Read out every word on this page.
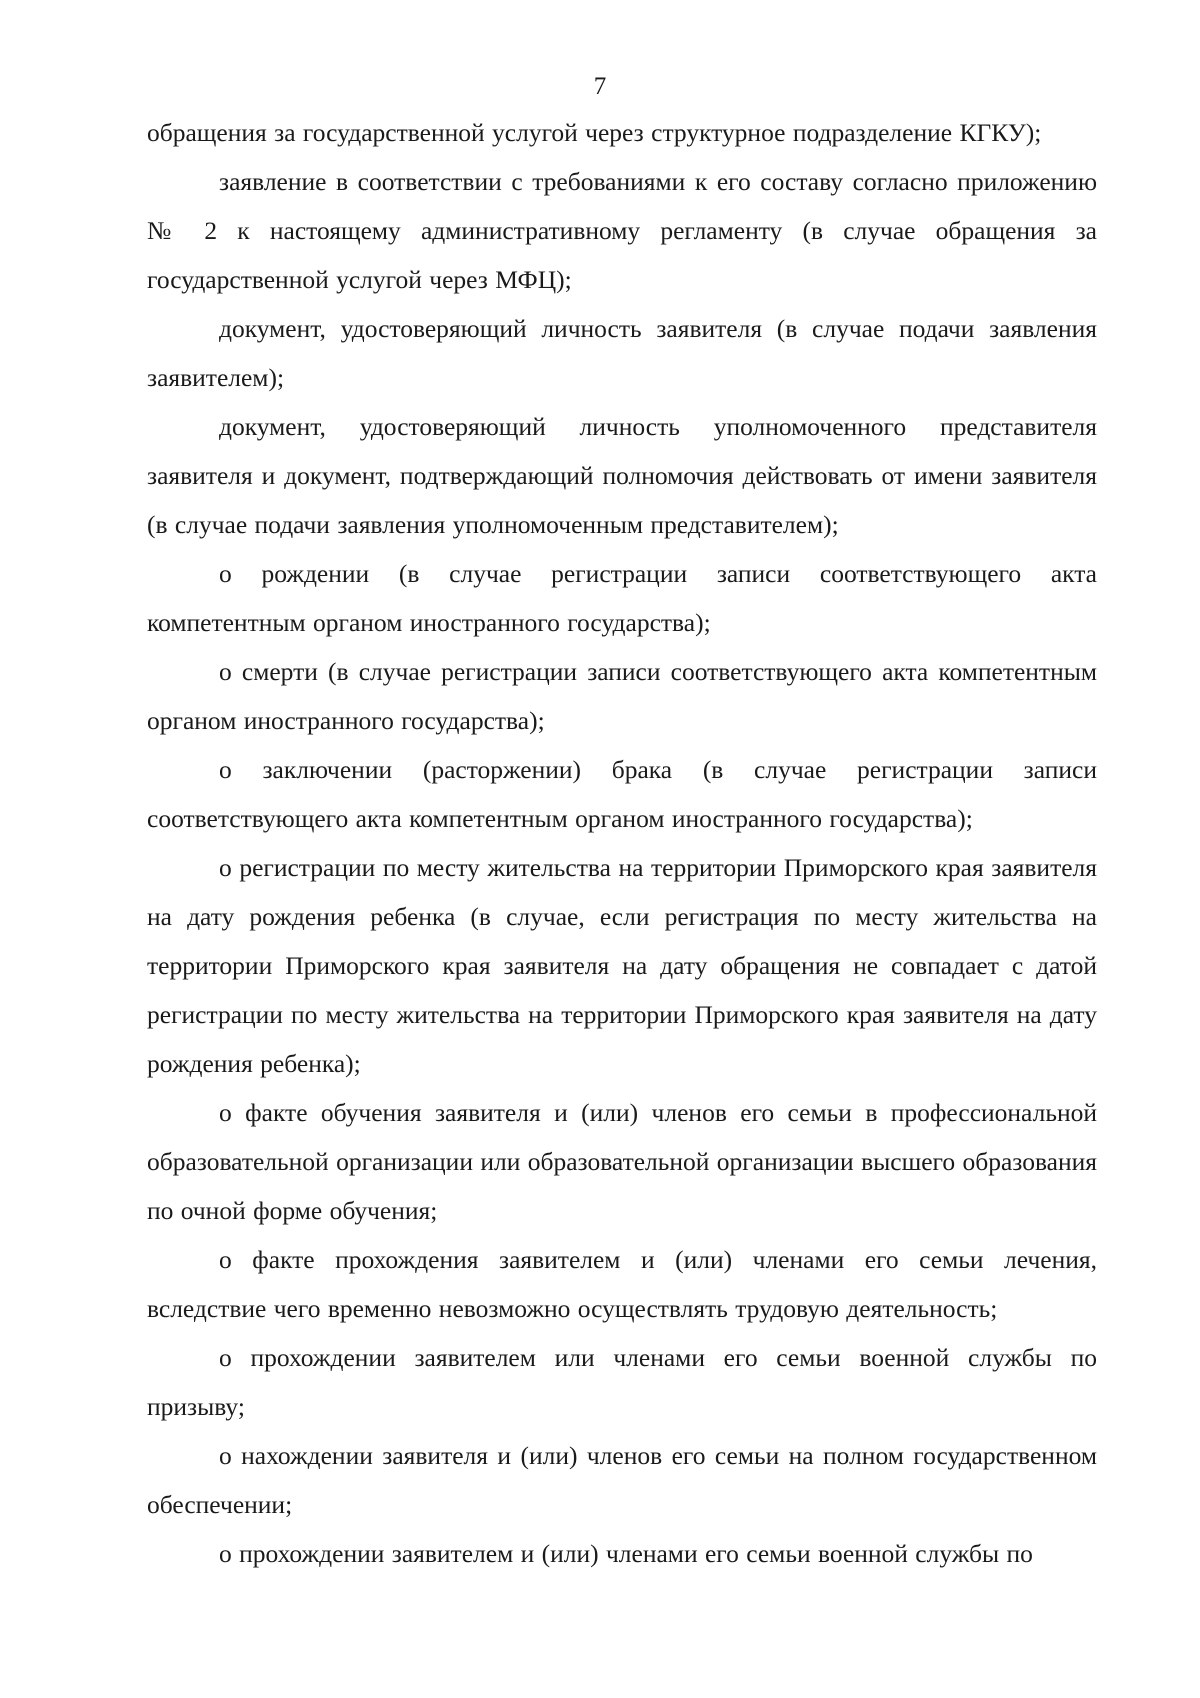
7

обращения за государственной услугой через структурное подразделение КГКУ);

заявление в соответствии с требованиями к его составу согласно приложению № 2 к настоящему административному регламенту (в случае обращения за государственной услугой через МФЦ);

документ, удостоверяющий личность заявителя (в случае подачи заявления заявителем);

документ, удостоверяющий личность уполномоченного представителя заявителя и документ, подтверждающий полномочия действовать от имени заявителя (в случае подачи заявления уполномоченным представителем);

о рождении (в случае регистрации записи соответствующего акта компетентным органом иностранного государства);

о смерти (в случае регистрации записи соответствующего акта компетентным органом иностранного государства);

о заключении (расторжении) брака (в случае регистрации записи соответствующего акта компетентным органом иностранного государства);

о регистрации по месту жительства на территории Приморского края заявителя на дату рождения ребенка (в случае, если регистрация по месту жительства на территории Приморского края заявителя на дату обращения не совпадает с датой регистрации по месту жительства на территории Приморского края заявителя на дату рождения ребенка);

о факте обучения заявителя и (или) членов его семьи в профессиональной образовательной организации или образовательной организации высшего образования по очной форме обучения;

о факте прохождения заявителем и (или) членами его семьи лечения, вследствие чего временно невозможно осуществлять трудовую деятельность;

о прохождении заявителем или членами его семьи военной службы по призыву;

о нахождении заявителя и (или) членов его семьи на полном государственном обеспечении;

о прохождении заявителем и (или) членами его семьи военной службы по
